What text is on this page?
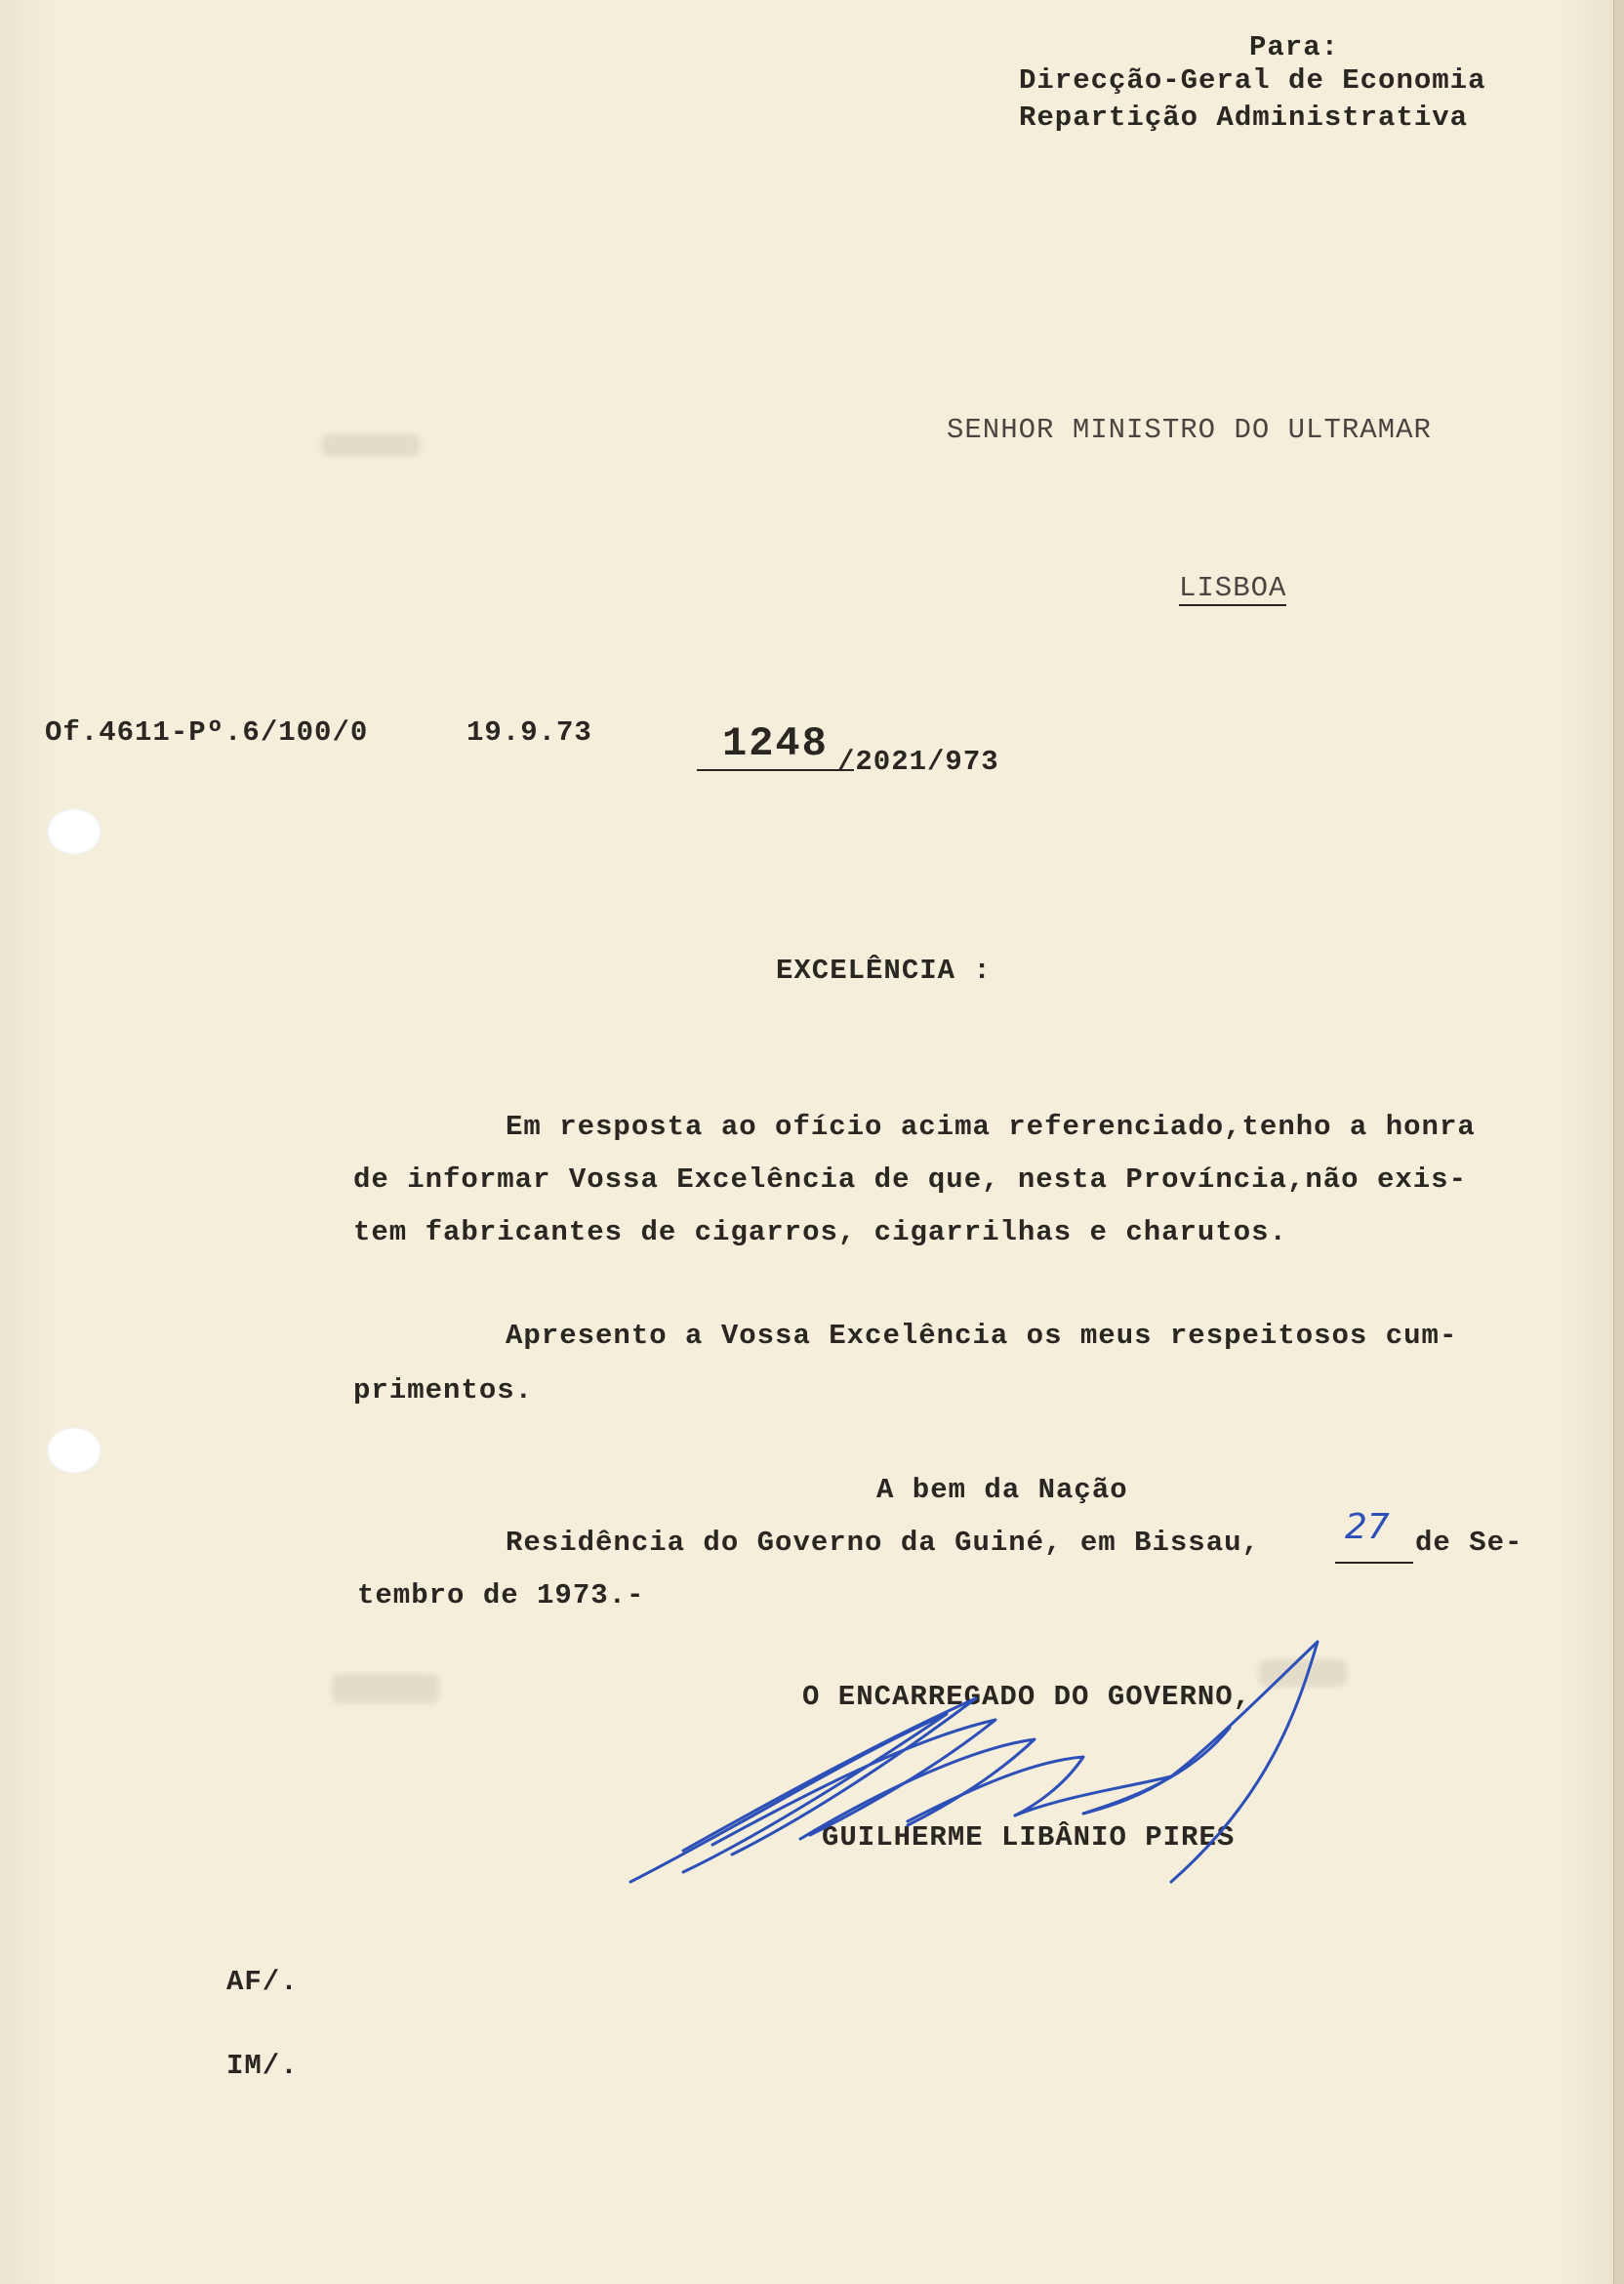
Para:
Direcção-Geral de Economia
Repartição Administrativa
SENHOR MINISTRO DO ULTRAMAR
LISBOA
Of.4611-Pº.6/100/0	19.9.73	1248 /2021/973
EXCELÊNCIA :
Em resposta ao ofício acima referenciado,tenho a honra
de informar Vossa Excelência de que, nesta Província,não exis-
tem fabricantes de cigarros, cigarrilhas e charutos.
Apresento a Vossa Excelência os meus respeitosos cum-
primentos.
A bem da Nação
Residência do Governo da Guiné, em Bissau, 27 de Se-
tembro de 1973.-
O ENCARREGADO DO GOVERNO,
GUILHERME LIBÂNIO PIRES
AF/.
IM/.
